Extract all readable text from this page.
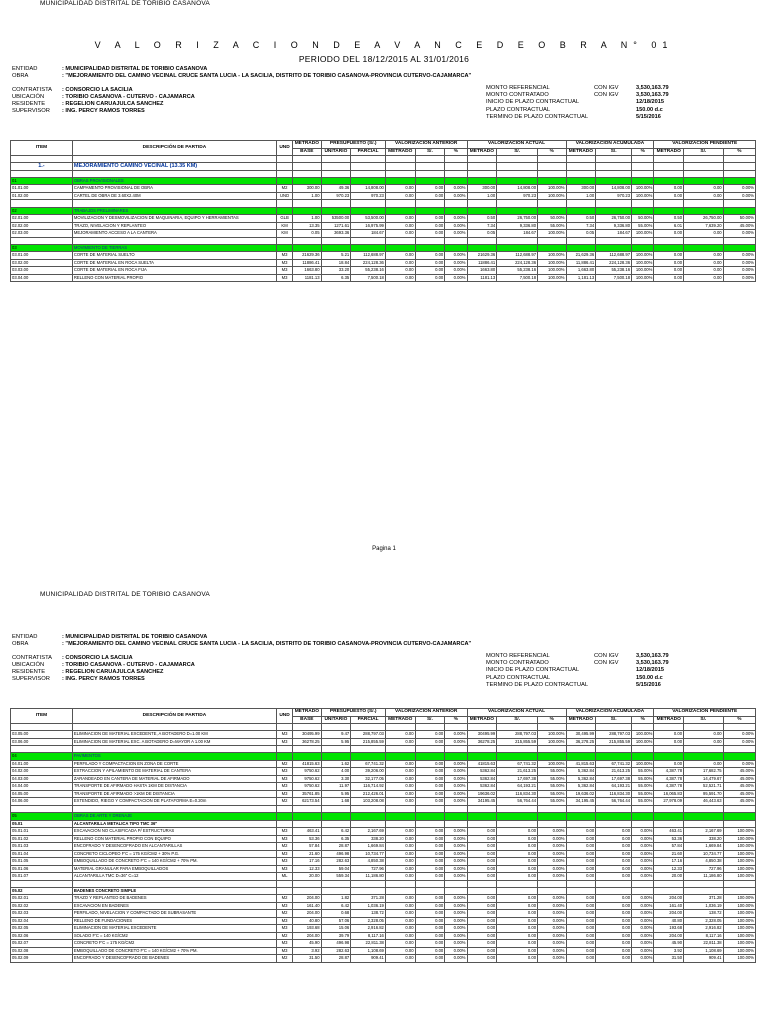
MUNICIPALIDAD DISTRITAL DE TORIBIO CASANOVA
V A L O R I Z A C I O N D E A V A N C E D E O B R A N° 01
PERIODO DEL 18/12/2015 AL 31/01/2016
ENTIDAD	: MUNICIPALIDAD DISTRITAL DE TORIBIO CASANOVA
OBRA	: "MEJORAMIENTO DEL CAMINO VECINAL CRUCE SANTA LUCIA - LA SACILIA, DISTRITO DE TORIBIO CASANOVA-PROVINCIA CUTERVO-CAJAMARCA"
CONTRATISTA	: CONSORCIO LA SACILIA
UBICACIÓN	: TORIBIO CASANOVA - CUTERVO - CAJAMARCA
RESIDENTE	: REGELION CARUAJULCA SANCHEZ
SUPERVISOR	: ING. PERCY RAMOS TORRES
MONTO REFERENCIAL	CON IGV	3,530,163.79
MONTO CONTRATADO	CON IGV	3,530,163.79
INICIO DE PLAZO CONTRACTUAL	12/18/2015
PLAZO CONTRACTUAL	150.00 d.c
TERMINO DE PLAZO CONTRACTUAL	5/15/2016
ITEM	DESCRIPCIÓN DE PARTIDA	UND	METRADO	PRESUPUESTO (S/.)		VALORIZACIÓN ANTERIOR			VALORIZACIÓN ACTUAL			VALORIZACIÓN ACUMULADA			VALORIZACIÓN PENDIENTE		
			BASE	UNITARIO	PARCIAL	METRADO	S/.	%	METRADO	S/.	%	METRADO	S/.	%	METRADO	S/.	%

1.-	MEJORAMIENTO CAMINO VECINAL (13.35 KM)																

01	OBRAS PROVISIONALES																
01.01.00	CAMPAMENTO PROVISIONAL DE OBRA	M2	300.00	49.36	14,808.00	0.00	0.00	0.00%	300.00	14,808.00	100.00%	300.00	14,808.00	100.00%	0.00	0.00	0.00%
01.02.00	CARTEL DE OBRA DE 3.60X2.40M	UND	1.00	970.23	970.23	0.00	0.00	0.00%	1.00	970.23	100.00%	1.00	970.23	100.00%	0.00	0.00	0.00%

02	TRABAJOS PRELIMINARES																
02.01.00	MOVILIZACION Y DESMOVILIZACION DE MAQUINARIA, EQUIPO Y HERRAMIENTAS	GLB	1.00	53500.00	53,500.00	0.00	0.00	0.00%	0.50	26,750.00	50.00%	0.50	26,750.00	50.00%	0.50	26,750.00	50.00%
02.02.00	TRAZO, NIVELACION Y REPLANTEO	KM	13.35	1271.61	16,975.99	0.00	0.00	0.00%	7.34	9,336.80	55.00%	7.34	9,336.80	55.00%	6.01	7,639.20	45.00%
02.03.00	MEJORAMIENTO ACCESO A LA CANTERA	KM	0.05	3693.36	184.67	0.00	0.00	0.00%	0.05	184.67	100.00%	0.05	184.67	100.00%	0.00	0.00	0.00%

03	MOVIMIENTO DE TIERRAS																
03.01.00	CORTE DE MATERIAL SUELTO	M3	21629.36	5.21	112,688.97	0.00	0.00	0.00%	21629.36	112,688.97	100.00%	21,629.36	112,688.97	100.00%	0.00	0.00	0.00%
03.02.00	CORTE DE MATERIAL EN ROCA SUELTA	M3	11886.41	18.84	224,128.36	0.00	0.00	0.00%	11886.41	224,128.36	100.00%	11,886.41	224,128.36	100.00%	0.00	0.00	0.00%
03.03.00	CORTE DE MATERIAL EN ROCA FIJA	M3	1663.80	33.20	55,238.16	0.00	0.00	0.00%	1663.80	55,238.16	100.00%	1,663.80	55,238.16	100.00%	0.00	0.00	0.00%
03.04.00	RELLENO CON MATERIAL PROPIO	M3	1181.13	6.35	7,500.18	0.00	0.00	0.00%	1181.13	7,500.18	100.00%	1,181.13	7,500.18	100.00%	0.00	0.00	0.00%
Pagina 1
MUNICIPALIDAD DISTRITAL DE TORIBIO CASANOVA
ENTIDAD	: MUNICIPALIDAD DISTRITAL DE TORIBIO CASANOVA
OBRA	: "MEJORAMIENTO DEL CAMINO VECINAL CRUCE SANTA LUCIA - LA SACILIA, DISTRITO DE TORIBIO CASANOVA-PROVINCIA CUTERVO-CAJAMARCA"
CONTRATISTA	: CONSORCIO LA SACILIA
UBICACIÓN	: TORIBIO CASANOVA - CUTERVO - CAJAMARCA
RESIDENTE	: REGELION CARUAJULCA SANCHEZ
SUPERVISOR	: ING. PERCY RAMOS TORRES
MONTO REFERENCIAL	CON IGV	3,530,163.79
MONTO CONTRATADO	CON IGV	3,530,163.79
INICIO DE PLAZO CONTRACTUAL	12/18/2015
PLAZO CONTRACTUAL	150.00 d.c
TERMINO DE PLAZO CONTRACTUAL	5/15/2016
ITEM	DESCRIPCIÓN DE PARTIDA	UND	METRADO	PRESUPUESTO (S/.)		VALORIZACIÓN ANTERIOR			VALORIZACIÓN ACTUAL			VALORIZACIÓN ACUMULADA			VALORIZACIÓN PENDIENTE		
			BASE	UNITARIO	PARCIAL	METRADO	S/.	%	METRADO	S/.	%	METRADO	S/.	%	METRADO	S/.	%

03.05.00	ELIMINACION DE MATERIAL EXCEDENTE, A BOTADERO D=1.00 KM	M3	30495.99	9.47	288,797.03	0.00	0.00	0.00%	30495.99	288,797.03	100.00%	30,495.99	288,797.03	100.00%	0.00	0.00	0.00%
03.06.00	ELIMINACION DE MATERIAL EXC. A BOTADERO D=MAYOR A 1.00 KM	M3	36278.25	5.95	215,855.59	0.00	0.00	0.00%	36278.25	215,855.59	100.00%	36,278.25	215,855.59	100.00%	0.00	0.00	0.00%

04	PAVIMENTOS																
04.01.00	PERFILADO Y COMPACTACION EN ZONA DE CORTE	M2	41815.63	1.62	67,741.32	0.00	0.00	0.00%	41815.63	67,741.32	100.00%	41,815.63	67,741.32	100.00%	0.00	0.00	0.00%
04.02.00	EXTRACCION Y APILAMIENTO DE MATERIAL DE CANTERA	M3	9750.62	4.00	39,206.00	0.00	0.00	0.00%	5362.84	21,613.25	55.00%	5,362.84	21,613.25	55.00%	4,387.78	17,682.75	45.00%
04.03.00	ZARANDEADO EN CANTERA DE MATERIAL DE AFIRMADO	M3	9750.62	3.30	32,177.05	0.00	0.00	0.00%	5362.84	17,697.38	55.00%	5,362.84	17,697.38	55.00%	4,387.78	14,479.67	45.00%
04.04.00	TRANSPORTE DE AFIRMADO HASTA 1KM DE DISTANCIA	M3	9750.62	11.97	116,714.92	0.00	0.00	0.00%	5362.84	64,193.21	55.00%	5,362.84	64,193.21	55.00%	4,387.78	52,521.71	45.00%
04.05.00	TRANSPORTE DE AFIRMADO >1KM DE DISTANCIA	M3	35761.85	5.95	212,426.01	0.00	0.00	0.00%	19636.02	116,834.30	55.00%	19,636.02	116,834.30	55.00%	16,065.83	95,591.70	45.00%
04.06.00	EXTENDIDO, RIEGO Y COMPACTACION DE PLATAFORMA E=0.20m	M2	62173.54	1.68	103,208.08	0.00	0.00	0.00%	34195.45	56,764.44	55.00%	34,195.45	56,764.44	55.00%	27,978.09	46,443.63	45.00%

05	OBRAS DE ARTE Y DRENAJE																
05.01	ALCANTARILLA METALICA TIPO TMC 36"																
05.01.01	EXCAVACION NO CLASIFICADA P/ ESTRUCTURAS	M3	463.41	6.42	2,167.69	0.00	0.00	0.00%	0.00	0.00	0.00%	0.00	0.00	0.00%	463.41	2,167.69	100.00%
05.01.02	RELLENO CON MATERIAL PROPIO CON EQUIPO	M3	53.36	6.35	338.20	0.00	0.00	0.00%	0.00	0.00	0.00%	0.00	0.00	0.00%	53.36	338.20	100.00%
05.01.03	ENCOFRADO Y DESENCOFRADO EN ALCANTARILLAS	M2	57.84	28.87	1,669.84	0.00	0.00	0.00%	0.00	0.00	0.00%	0.00	0.00	0.00%	57.84	1,669.84	100.00%
05.01.04	CONCRETO CICLOPEO F'C = 175 KG/CM2 + 30% P.G.	M3	21.60	496.98	10,734.77	0.00	0.00	0.00%	0.00	0.00	0.00%	0.00	0.00	0.00%	21.60	10,734.77	100.00%
05.01.05	EMBOQUILLADO DE CONCRETO F'C = 140 KG/CM2 + 70% PM.	M3	17.16	282.63	4,850.38	0.00	0.00	0.00%	0.00	0.00	0.00%	0.00	0.00	0.00%	17.16	4,850.38	100.00%
05.01.06	MATERIAL GRANULAR PARA EMBOQUILLADOS	M3	12.33	59.04	727.96	0.00	0.00	0.00%	0.00	0.00	0.00%	0.00	0.00	0.00%	12.33	727.96	100.00%
05.01.07	ALCANTARILLA TMC D=36" C=12	ML	20.00	559.34	11,186.80	0.00	0.00	0.00%	0.00	0.00	0.00%	0.00	0.00	0.00%	20.00	11,186.80	100.00%

05.02	BADENES CONCRETO SIMPLE																
05.02.01	TRAZO Y REPLANTEO DE BADENES	M2	204.00	1.82	371.28	0.00	0.00	0.00%	0.00	0.00	0.00%	0.00	0.00	0.00%	204.00	371.28	100.00%
05.02.02	EXCAVACION EN BADENES	M3	161.40	6.42	1,036.19	0.00	0.00	0.00%	0.00	0.00	0.00%	0.00	0.00	0.00%	161.40	1,036.19	100.00%
05.02.03	PERFILADO, NIVELACION Y COMPACTADO DE SUBRASANTE	M2	204.00	0.68	138.72	0.00	0.00	0.00%	0.00	0.00	0.00%	0.00	0.00	0.00%	204.00	138.72	100.00%
05.02.04	RELLENO DE FUNDACIONES	M3	40.80	57.06	2,328.05	0.00	0.00	0.00%	0.00	0.00	0.00%	0.00	0.00	0.00%	40.80	2,328.05	100.00%
05.02.05	ELIMINACION DE MATERIAL EXCEDENTE	M3	193.68	15.06	2,916.82	0.00	0.00	0.00%	0.00	0.00	0.00%	0.00	0.00	0.00%	193.68	2,916.82	100.00%
05.02.06	SOLADO F'C = 140 KG/CM2	M2	204.00	39.79	8,117.16	0.00	0.00	0.00%	0.00	0.00	0.00%	0.00	0.00	0.00%	204.00	8,117.16	100.00%
05.02.07	CONCRETO F'C = 175 KG/CM2	M3	45.90	496.98	22,811.38	0.00	0.00	0.00%	0.00	0.00	0.00%	0.00	0.00	0.00%	45.90	22,811.38	100.00%
05.02.08	EMBOQUILLADO DE CONCRETO F'C = 140 KG/CM2 + 70% PM.	M3	3.92	282.63	1,108.69	0.00	0.00	0.00%	0.00	0.00	0.00%	0.00	0.00	0.00%	3.92	1,108.69	100.00%
05.02.09	ENCOFRADO Y DESENCOFRADO DE BADENES	M2	31.50	28.87	909.41	0.00	0.00	0.00%	0.00	0.00	0.00%	0.00	0.00	0.00%	31.50	909.41	100.00%
